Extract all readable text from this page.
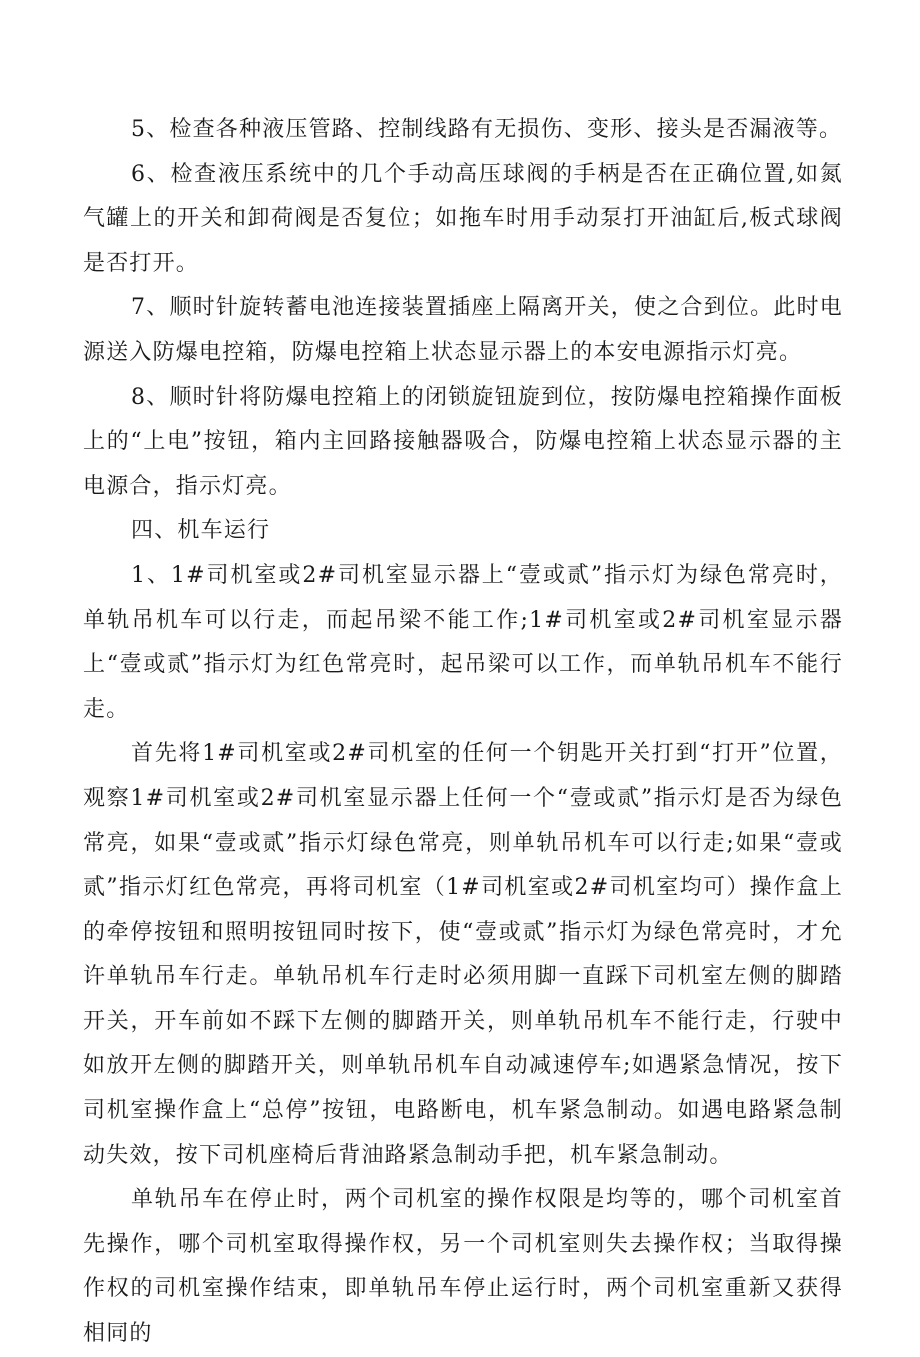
5、检查各种液压管路、控制线路有无损伤、变形、接头是否漏液等。

6、检查液压系统中的几个手动高压球阀的手柄是否在正确位置,如氮气罐上的开关和卸荷阀是否复位；如拖车时用手动泵打开油缸后,板式球阀是否打开。

7、顺时针旋转蓄电池连接装置插座上隔离开关，使之合到位。此时电源送入防爆电控箱，防爆电控箱上状态显示器上的本安电源指示灯亮。

8、顺时针将防爆电控箱上的闭锁旋钮旋到位，按防爆电控箱操作面板上的“上电”按钮，箱内主回路接触器吸合，防爆电控箱上状态显示器的主电源合，指示灯亮。

四、机车运行

1、1#司机室或2#司机室显示器上“壹或贰”指示灯为绿色常亮时，单轨吊机车可以行走，而起吊梁不能工作;1#司机室或2#司机室显示器上“壹或贰”指示灯为红色常亮时，起吊梁可以工作，而单轨吊机车不能行走。

首先将1#司机室或2#司机室的任何一个钥匙开关打到“打开”位置，观察1#司机室或2#司机室显示器上任何一个“壹或贰”指示灯是否为绿色常亮，如果“壹或贰”指示灯绿色常亮，则单轨吊机车可以行走;如果“壹或贰”指示灯红色常亮，再将司机室（1#司机室或2#司机室均可）操作盒上的牵停按钮和照明按钮同时按下，使“壹或贰”指示灯为绿色常亮时，才允许单轨吊车行走。单轨吊机车行走时必须用脚一直踩下司机室左侧的脚踏开关，开车前如不踩下左侧的脚踏开关，则单轨吊机车不能行走，行驶中如放开左侧的脚踏开关，则单轨吊机车自动减速停车;如遇紧急情况，按下司机室操作盒上“总停”按钮，电路断电，机车紧急制动。如遇电路紧急制动失效，按下司机座椅后背油路紧急制动手把，机车紧急制动。

单轨吊车在停止时，两个司机室的操作权限是均等的，哪个司机室首先操作，哪个司机室取得操作权，另一个司机室则失去操作权；当取得操作权的司机室操作结束，即单轨吊车停止运行时，两个司机室重新又获得相同的
